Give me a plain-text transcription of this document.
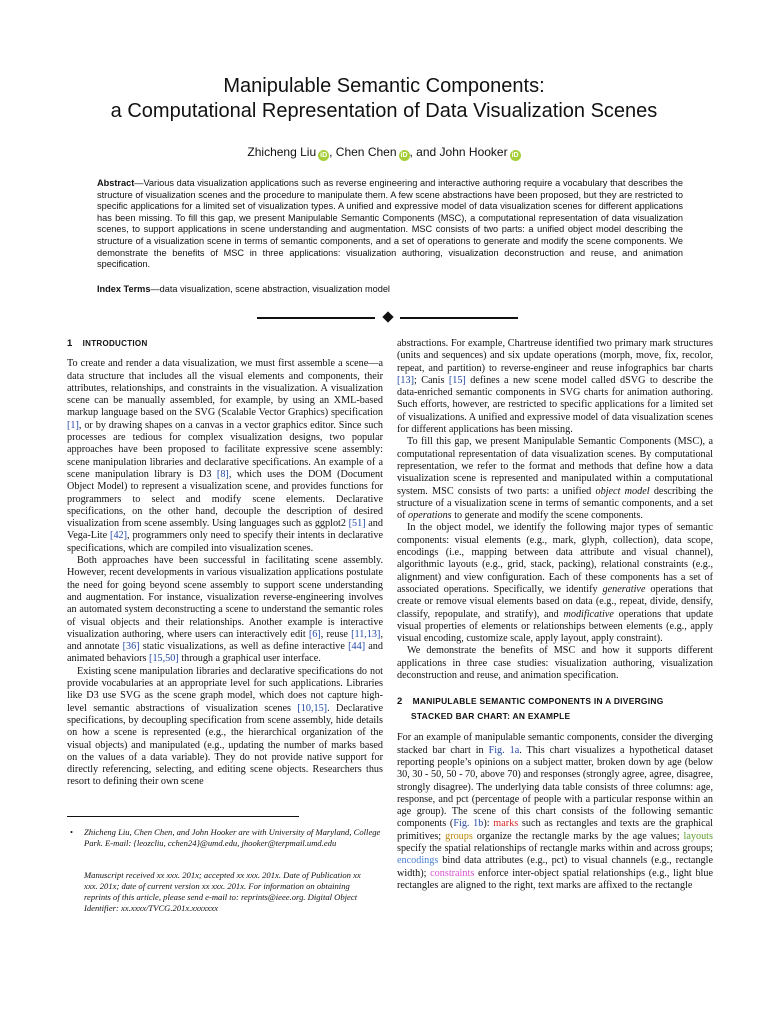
Manipulable Semantic Components:
a Computational Representation of Data Visualization Scenes
Zhicheng Liu iD , Chen Chen iD , and John Hooker iD
Abstract—Various data visualization applications such as reverse engineering and interactive authoring require a vocabulary that describes the structure of visualization scenes and the procedure to manipulate them. A few scene abstractions have been proposed, but they are restricted to specific applications for a limited set of visualization types. A unified and expressive model of data visualization scenes for different applications has been missing. To fill this gap, we present Manipulable Semantic Components (MSC), a computational representation of data visualization scenes, to support applications in scene understanding and augmentation. MSC consists of two parts: a unified object model describing the structure of a visualization scene in terms of semantic components, and a set of operations to generate and modify the scene components. We demonstrate the benefits of MSC in three applications: visualization authoring, visualization deconstruction and reuse, and animation specification.
Index Terms—data visualization, scene abstraction, visualization model
1 INTRODUCTION

To create and render a data visualization, we must first assemble a scene—a data structure that includes all the visual elements and components, their attributes, relationships, and constraints in the visualization. A visualization scene can be manually assembled, for example, by using an XML-based markup language based on the SVG (Scalable Vector Graphics) specification [1], or by drawing shapes on a canvas in a vector graphics editor. Since such processes are tedious for complex visualization designs, two popular approaches have been proposed to facilitate expressive scene assembly: scene manipulation libraries and declarative specifications. An example of a scene manipulation library is D3 [8], which uses the DOM (Document Object Model) to represent a visualization scene, and provides functions for programmers to select and modify scene elements. Declarative specifications, on the other hand, decouple the description of desired visualization from scene assembly. Using languages such as ggplot2 [51] and Vega-Lite [42], programmers only need to specify their intents in declarative specifications, which are compiled into visualization scenes.

Both approaches have been successful in facilitating scene assembly. However, recent developments in various visualization applications postulate the need for going beyond scene assembly to support scene understanding and augmentation. For instance, visualization reverse-engineering involves an automated system deconstructing a scene to understand the semantic roles of visual objects and their relationships. Another example is interactive visualization authoring, where users can interactively edit [6], reuse [11,13], and annotate [36] static visualizations, as well as define interactive [44] and animated behaviors [15,50] through a graphical user interface.

Existing scene manipulation libraries and declarative specifications do not provide vocabularies at an appropriate level for such applications. Libraries like D3 use SVG as the scene graph model, which does not capture high-level semantic abstractions of visualization scenes [10,15]. Declarative specifications, by decoupling specification from scene assembly, hide details on how a scene is represented (e.g., the hierarchical organization of the visual objects) and manipulated (e.g., updating the number of marks based on the values of a data variable). They do not provide native support for directly referencing, selecting, and editing scene objects. Researchers thus resort to defining their own scene

• Zhicheng Liu, Chen Chen, and John Hooker are with University of Maryland, College Park. E-mail: {leozcliu, cchen24}@umd.edu, jhooker@terpmail.umd.edu
Manuscript received xx xxx. 201x; accepted xx xxx. 201x. Date of Publication xx xxx. 201x; date of current version xx xxx. 201x. For information on obtaining reprints of this article, please send e-mail to: reprints@ieee.org. Digital Object Identifier: xx.xxxx/TVCG.201x.xxxxxxx

abstractions. For example, Chartreuse identified two primary mark structures (units and sequences) and six update operations (morph, move, fix, recolor, repeat, and partition) to reverse-engineer and reuse infographics bar charts [13]; Canis [15] defines a new scene model called dSVG to describe the data-enriched semantic components in SVG charts for animation authoring. Such efforts, however, are restricted to specific applications for a limited set of visualizations. A unified and expressive model of data visualization scenes for different applications has been missing.

To fill this gap, we present Manipulable Semantic Components (MSC), a computational representation of data visualization scenes. By computational representation, we refer to the format and methods that define how a data visualization scene is represented and manipulated within a computational system. MSC consists of two parts: a unified object model describing the structure of a visualization scene in terms of semantic components, and a set of operations to generate and modify the scene components.

In the object model, we identify the following major types of semantic components: visual elements (e.g., mark, glyph, collection), data scope, encodings (i.e., mapping between data attribute and visual channel), algorithmic layouts (e.g., grid, stack, packing), relational constraints (e.g., alignment) and view configuration. Each of these components has a set of associated operations. Specifically, we identify generative operations that create or remove visual elements based on data (e.g., repeat, divide, densify, classify, repopulate, and stratify), and modificative operations that update visual properties of elements or relationships between elements (e.g., apply visual encoding, customize scale, apply layout, apply constraint).

We demonstrate the benefits of MSC and how it supports different applications in three case studies: visualization authoring, visualization deconstruction and reuse, and animation specification.

2 MANIPULABLE SEMANTIC COMPONENTS IN A DIVERGING
STACKED BAR CHART: AN EXAMPLE

For an example of manipulable semantic components, consider the diverging stacked bar chart in Fig. 1a. This chart visualizes a hypothetical dataset reporting people’s opinions on a subject matter, broken down by age (below 30, 30 - 50, 50 - 70, above 70) and responses (strongly agree, agree, disagree, strongly disagree). The underlying data table consists of three columns: age, response, and pct (percentage of people with a particular response within an age group). The scene of this chart consists of the following semantic components (Fig. 1b): marks such as rectangles and texts are the graphical primitives; groups organize the rectangle marks by the age values; layouts specify the spatial relationships of rectangle marks within and across groups; encodings bind data attributes (e.g., pct) to visual channels (e.g., rectangle width); constraints enforce inter-object spatial relationships (e.g., light blue rectangles are aligned to the right, text marks are affixed to the rectangle
